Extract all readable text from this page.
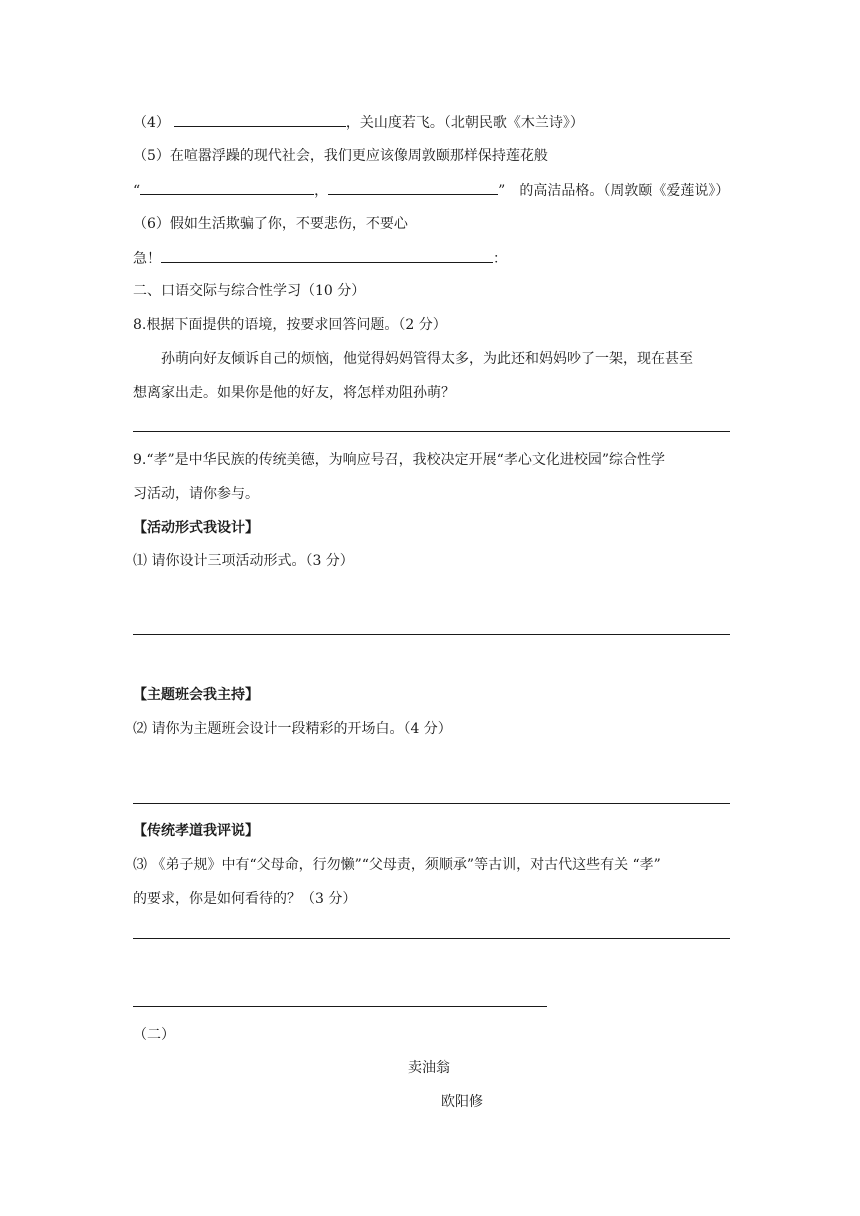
（4）	，关山度若飞。（北朝民歌《木兰诗》）
（5）在喧嚣浮躁的现代社会，我们更应该像周敦颐那样保持莲花般
“	，	” 的高洁品格。（周敦颐《爱莲说》）
（6）假如生活欺骗了你，不要悲伤，不要心
急！	：
二、口语交际与综合性学习（10 分）
8.根据下面提供的语境，按要求回答问题。（2 分）
孙萌向好友倾诉自己的烦恼，他觉得妈妈管得太多，为此还和妈妈吵了一架，现在甚至
想离家出走。如果你是他的好友，将怎样劝阻孙萌？
9.“孝”是中华民族的传统美德，为响应号召，我校决定开展“孝心文化进校园”综合性学
习活动，请你参与。
【活动形式我设计】
⑴ 请你设计三项活动形式。（3 分）
【主题班会我主持】
⑵ 请你为主题班会设计一段精彩的开场白。（4 分）
【传统孝道我评说】
⑶ 《弟子规》中有“父母命，行勿懒”“父母责，须顺承”等古训，对古代这些有关 “孝”
的要求，你是如何看待的？（3 分）
（二）
卖油翁
欧阳修
